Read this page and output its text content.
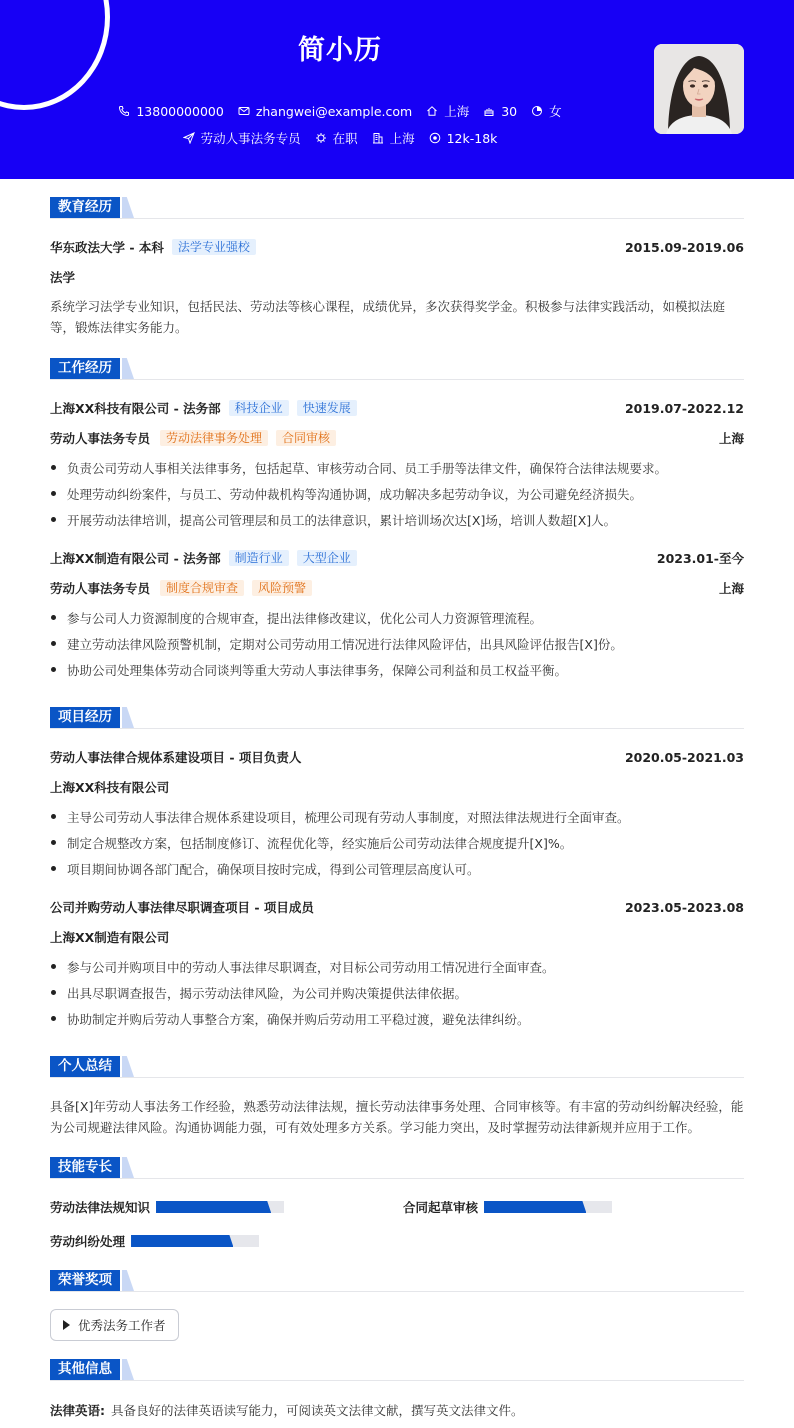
简小历
13800000000	zhangwei@example.com	上海	30	女
劳动人事法务专员	在职	上海	12k-18k
教育经历
华东政法大学 - 本科	法学专业强校	2015.09-2019.06
法学
系统学习法学专业知识，包括民法、劳动法等核心课程，成绩优异，多次获得奖学金。积极参与法律实践活动，如模拟法庭等，锻炼法律实务能力。
工作经历
上海XX科技有限公司 - 法务部	科技企业	快速发展	2019.07-2022.12
劳动人事法务专员	劳动法律事务处理	合同审核	上海
负责公司劳动人事相关法律事务，包括起草、审核劳动合同、员工手册等法律文件，确保符合法律法规要求。
处理劳动纠纷案件，与员工、劳动仲裁机构等沟通协调，成功解决多起劳动争议，为公司避免经济损失。
开展劳动法律培训，提高公司管理层和员工的法律意识，累计培训场次达[X]场，培训人数超[X]人。
上海XX制造有限公司 - 法务部	制造行业	大型企业	2023.01-至今
劳动人事法务专员	制度合规审查	风险预警	上海
参与公司人力资源制度的合规审查，提出法律修改建议，优化公司人力资源管理流程。
建立劳动法律风险预警机制，定期对公司劳动用工情况进行法律风险评估，出具风险评估报告[X]份。
协助公司处理集体劳动合同谈判等重大劳动人事法律事务，保障公司利益和员工权益平衡。
项目经历
劳动人事法律合规体系建设项目 - 项目负责人	2020.05-2021.03
上海XX科技有限公司
主导公司劳动人事法律合规体系建设项目，梳理公司现有劳动人事制度，对照法律法规进行全面审查。
制定合规整改方案，包括制度修订、流程优化等，经实施后公司劳动法律合规度提升[X]%。
项目期间协调各部门配合，确保项目按时完成，得到公司管理层高度认可。
公司并购劳动人事法律尽职调查项目 - 项目成员	2023.05-2023.08
上海XX制造有限公司
参与公司并购项目中的劳动人事法律尽职调查，对目标公司劳动用工情况进行全面审查。
出具尽职调查报告，揭示劳动法律风险，为公司并购决策提供法律依据。
协助制定并购后劳动人事整合方案，确保并购后劳动用工平稳过渡，避免法律纠纷。
个人总结
具备[X]年劳动人事法务工作经验，熟悉劳动法律法规，擅长劳动法律事务处理、合同审核等。有丰富的劳动纠纷解决经验，能为公司规避法律风险。沟通协调能力强，可有效处理多方关系。学习能力突出，及时掌握劳动法律新规并应用于工作。
技能专长
劳动法律法规知识	合同起草审核
劳动纠纷处理
荣誉奖项
优秀法务工作者
其他信息
法律英语: 具备良好的法律英语读写能力，可阅读英文法律文献，撰写英文法律文件。
